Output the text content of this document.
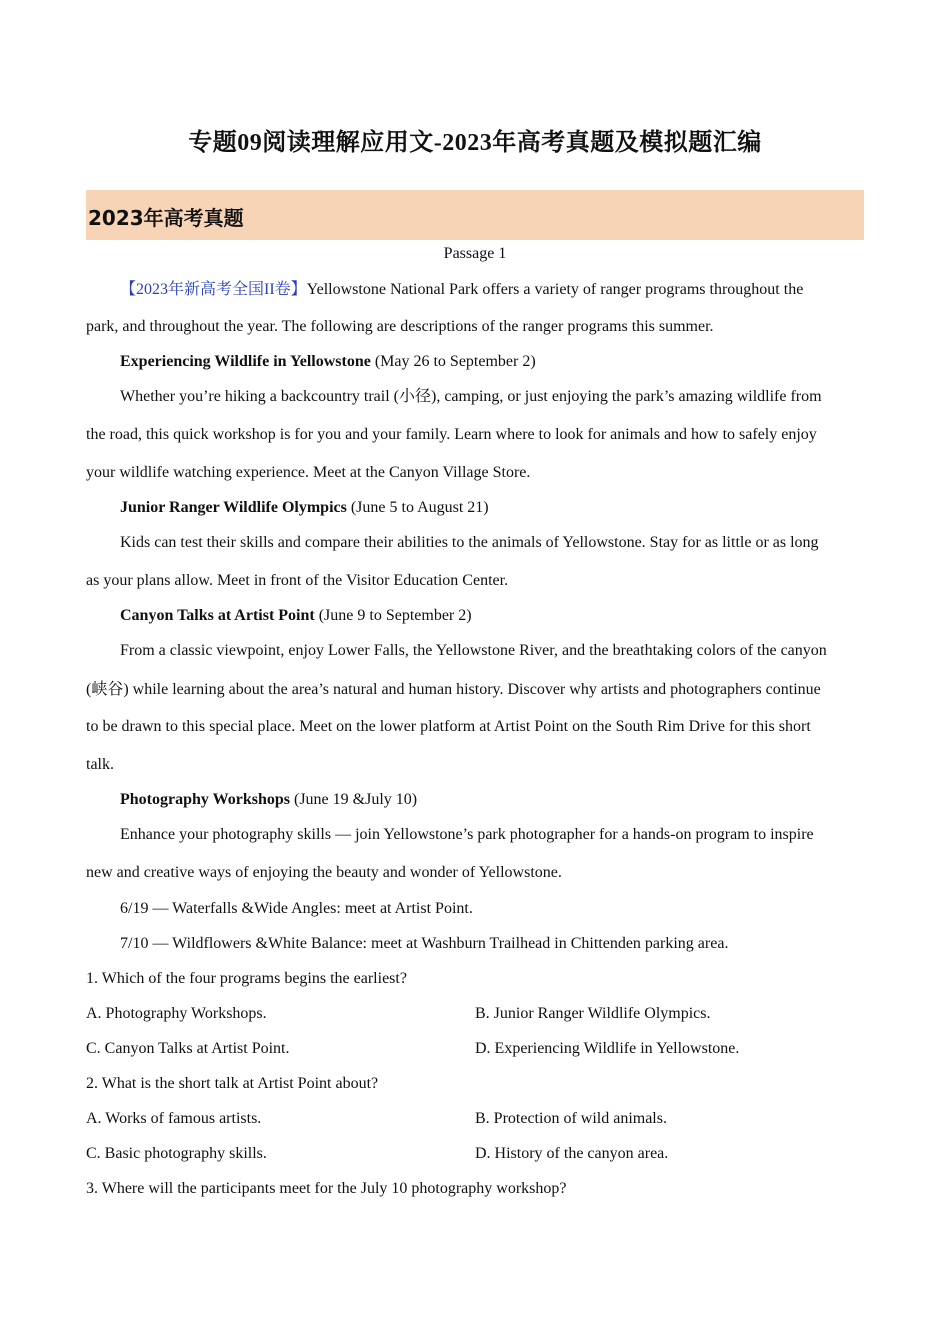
专题09阅读理解应用文-2023年高考真题及模拟题汇编
2023年高考真题
Passage 1
【2023年新高考全国II卷】Yellowstone National Park offers a variety of ranger programs throughout the
park, and throughout the year. The following are descriptions of the ranger programs this summer.
Experiencing Wildlife in Yellowstone (May 26 to September 2)
Whether you’re hiking a backcountry trail (小径), camping, or just enjoying the park’s amazing wildlife from
the road, this quick workshop is for you and your family. Learn where to look for animals and how to safely enjoy
your wildlife watching experience. Meet at the Canyon Village Store.
Junior Ranger Wildlife Olympics (June 5 to August 21)
Kids can test their skills and compare their abilities to the animals of Yellowstone. Stay for as little or as long
as your plans allow. Meet in front of the Visitor Education Center.
Canyon Talks at Artist Point (June 9 to September 2)
From a classic viewpoint, enjoy Lower Falls, the Yellowstone River, and the breathtaking colors of the canyon
(峡谷) while learning about the area’s natural and human history. Discover why artists and photographers continue
to be drawn to this special place. Meet on the lower platform at Artist Point on the South Rim Drive for this short
talk.
Photography Workshops (June 19 &July 10)
Enhance your photography skills — join Yellowstone’s park photographer for a hands-on program to inspire
new and creative ways of enjoying the beauty and wonder of Yellowstone.
6/19 — Waterfalls &Wide Angles: meet at Artist Point.
7/10 — Wildflowers &White Balance: meet at Washburn Trailhead in Chittenden parking area.
1. Which of the four programs begins the earliest?
A. Photography Workshops.	B. Junior Ranger Wildlife Olympics.
C. Canyon Talks at Artist Point.	D. Experiencing Wildlife in Yellowstone.
2. What is the short talk at Artist Point about?
A. Works of famous artists.	B. Protection of wild animals.
C. Basic photography skills.	D. History of the canyon area.
3. Where will the participants meet for the July 10 photography workshop?
